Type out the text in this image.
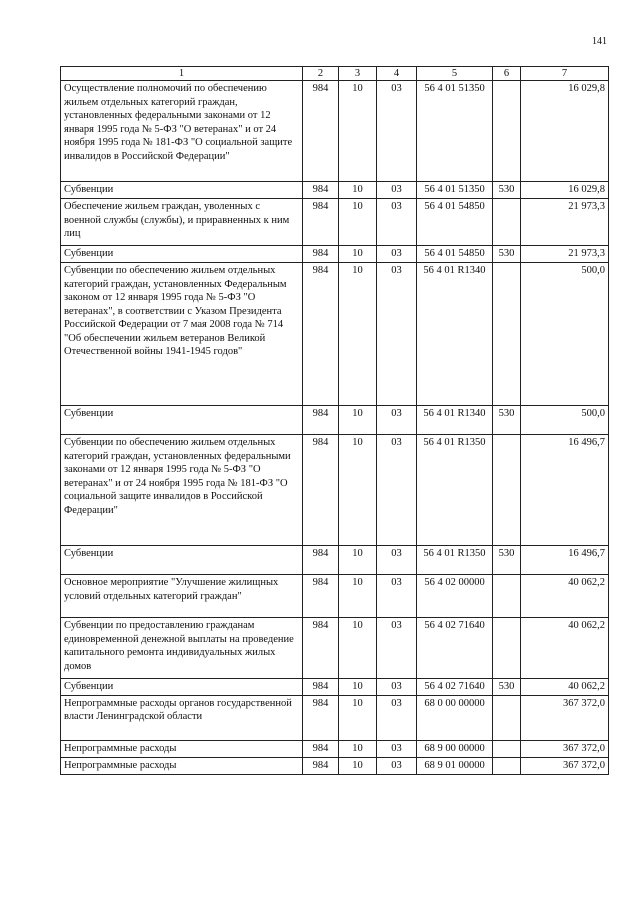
141
1	2	3	4	5	6	7
Осуществление полномочий по обеспечению жильем отдельных категорий граждан, установленных федеральными законами от 12 января 1995 года № 5-ФЗ "О ветеранах" и от 24 ноября 1995 года № 181-ФЗ "О социальной защите инвалидов в Российской Федерации"	984	10	03	56 4 01 51350		16 029,8
Субвенции	984	10	03	56 4 01 51350	530	16 029,8
Обеспечение жильем граждан, уволенных с военной службы (службы), и приравненных к ним лиц	984	10	03	56 4 01 54850		21 973,3
Субвенции	984	10	03	56 4 01 54850	530	21 973,3
Субвенции по обеспечению жильем отдельных категорий граждан, установленных Федеральным законом от 12 января 1995 года № 5-ФЗ "О ветеранах", в соответствии с Указом Президента Российской Федерации от 7 мая 2008 года № 714 "Об обеспечении жильем ветеранов Великой Отечественной войны 1941-1945 годов"	984	10	03	56 4 01 R1340		500,0
Субвенции	984	10	03	56 4 01 R1340	530	500,0
Субвенции по обеспечению жильем отдельных категорий граждан, установленных федеральными законами от 12 января 1995 года № 5-ФЗ "О ветеранах" и от 24 ноября 1995 года № 181-ФЗ "О социальной защите инвалидов в Российской Федерации"	984	10	03	56 4 01 R1350		16 496,7
Субвенции	984	10	03	56 4 01 R1350	530	16 496,7
Основное мероприятие "Улучшение жилищных условий отдельных категорий граждан"	984	10	03	56 4 02 00000		40 062,2
Субвенции по предоставлению гражданам единовременной денежной выплаты на проведение капитального ремонта индивидуальных жилых домов	984	10	03	56 4 02 71640		40 062,2
Субвенции	984	10	03	56 4 02 71640	530	40 062,2
Непрограммные расходы органов государственной власти Ленинградской области	984	10	03	68 0 00 00000		367 372,0
Непрограммные расходы	984	10	03	68 9 00 00000		367 372,0
Непрограммные расходы	984	10	03	68 9 01 00000		367 372,0
